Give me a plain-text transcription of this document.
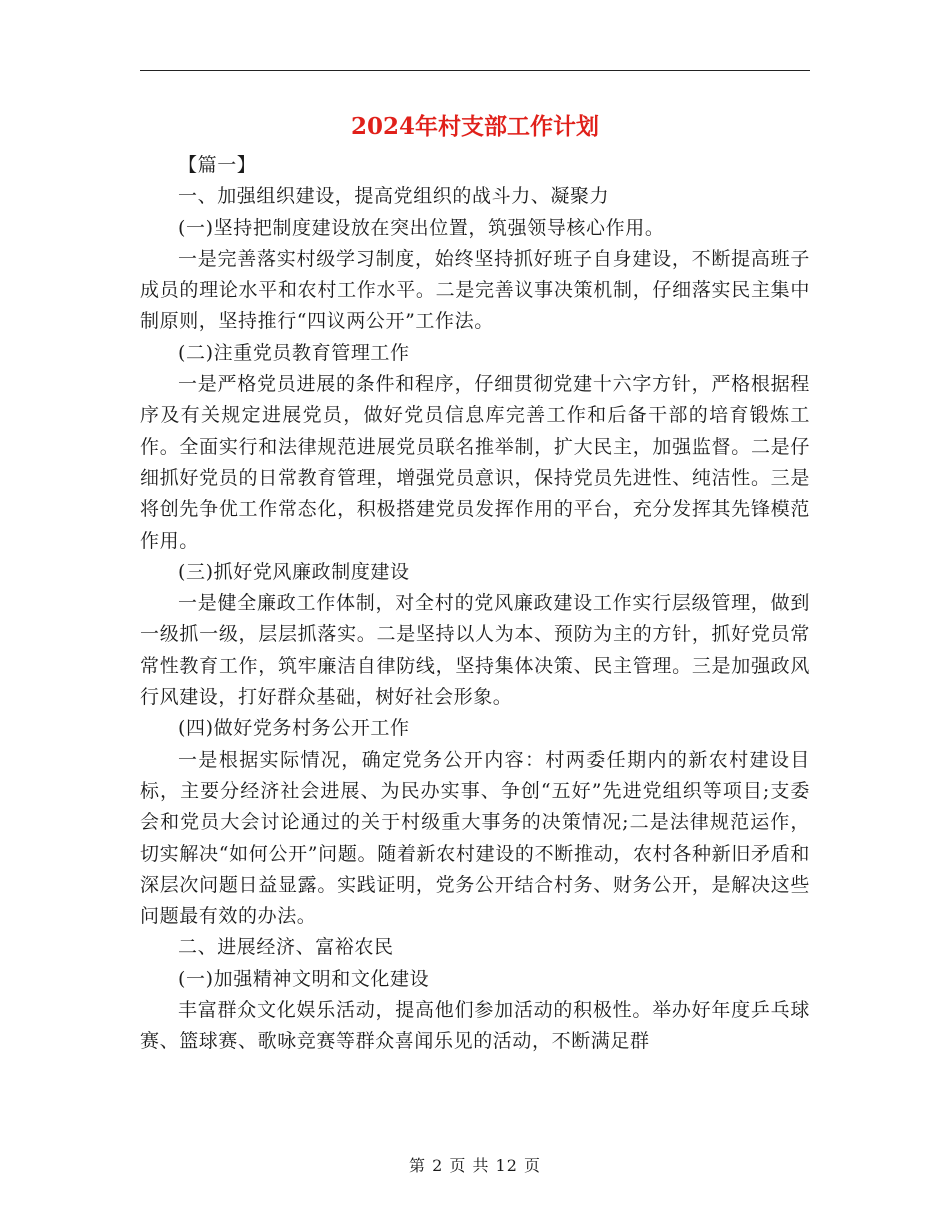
2024年村支部工作计划

【篇一】

一、加强组织建设，提高党组织的战斗力、凝聚力

(一)坚持把制度建设放在突出位置，筑强领导核心作用。

一是完善落实村级学习制度，始终坚持抓好班子自身建设，不断提高班子成员的理论水平和农村工作水平。二是完善议事决策机制，仔细落实民主集中制原则，坚持推行“四议两公开”工作法。

(二)注重党员教育管理工作

一是严格党员进展的条件和程序，仔细贯彻党建十六字方针，严格根据程序及有关规定进展党员，做好党员信息库完善工作和后备干部的培育锻炼工作。全面实行和法律规范进展党员联名推举制，扩大民主，加强监督。二是仔细抓好党员的日常教育管理，增强党员意识，保持党员先进性、纯洁性。三是将创先争优工作常态化，积极搭建党员发挥作用的平台，充分发挥其先锋模范作用。

(三)抓好党风廉政制度建设

一是健全廉政工作体制，对全村的党风廉政建设工作实行层级管理，做到一级抓一级，层层抓落实。二是坚持以人为本、预防为主的方针，抓好党员常常性教育工作，筑牢廉洁自律防线，坚持集体决策、民主管理。三是加强政风行风建设，打好群众基础，树好社会形象。

(四)做好党务村务公开工作

一是根据实际情况，确定党务公开内容：村两委任期内的新农村建设目标，主要分经济社会进展、为民办实事、争创“五好”先进党组织等项目;支委会和党员大会讨论通过的关于村级重大事务的决策情况;二是法律规范运作，切实解决“如何公开”问题。随着新农村建设的不断推动，农村各种新旧矛盾和深层次问题日益显露。实践证明，党务公开结合村务、财务公开，是解决这些问题最有效的办法。

二、进展经济、富裕农民

(一)加强精神文明和文化建设

丰富群众文化娱乐活动，提高他们参加活动的积极性。举办好年度乒乓球赛、篮球赛、歌咏竞赛等群众喜闻乐见的活动，不断满足群

第 2 页 共 12 页
